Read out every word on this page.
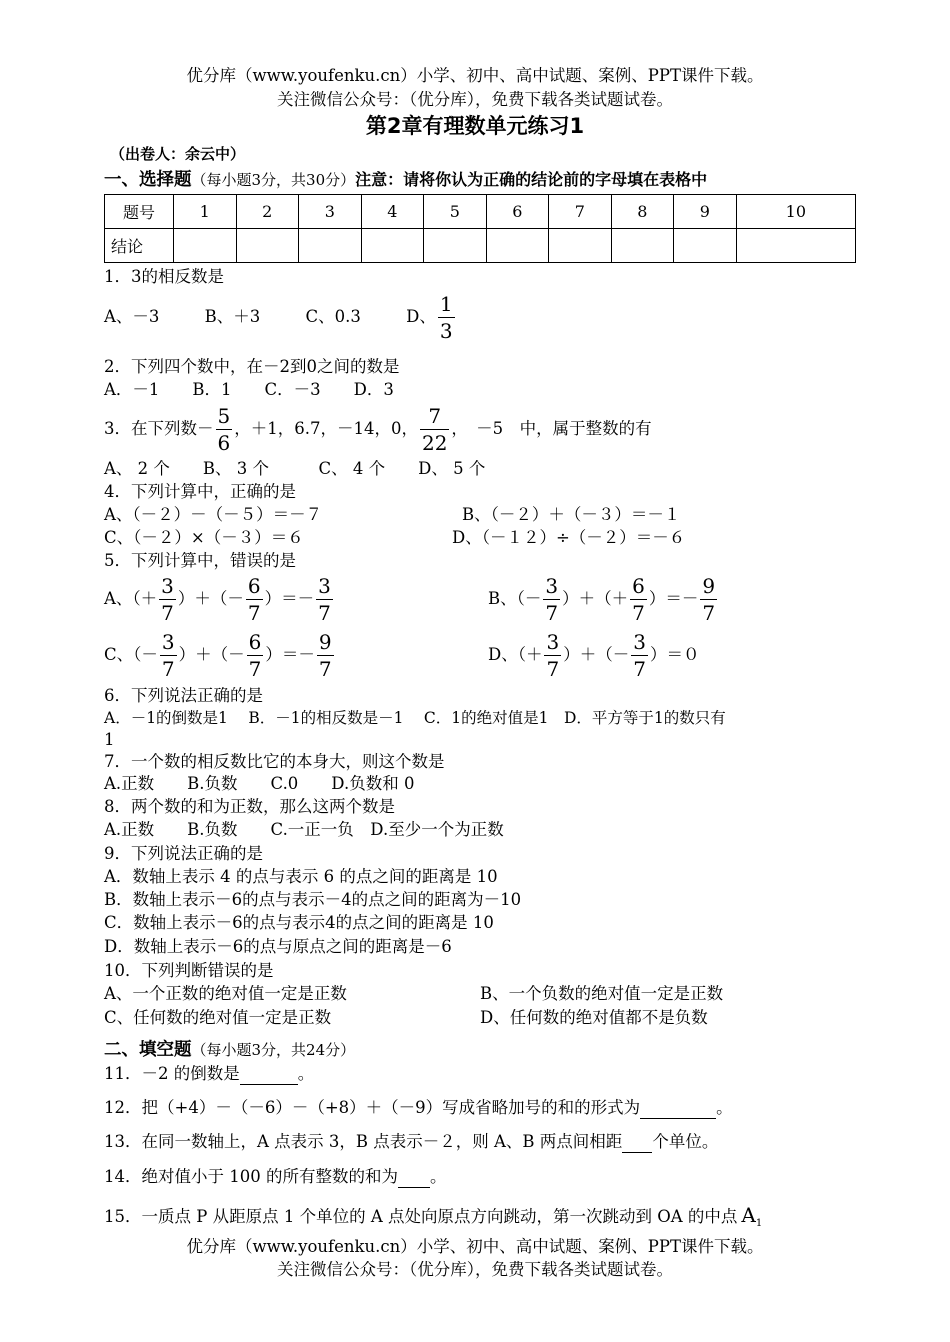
优分库（www.youfenku.cn）小学、初中、高中试题、案例、PPT课件下载。
关注微信公众号：（优分库），免费下载各类试题试卷。
第2章有理数单元练习1
（出卷人：余云中）
一、选择题（每小题3分，共30分）注意：请将你认为正确的结论前的字母填在表格中
题号	1	2	3	4	5	6	7	8	9	10
结论										
1．3的相反数是
A、－3	B、＋3	C、0.3	D、 $\frac{1}{3}$
2．下列四个数中，在－2到0之间的数是
A．－1　　B．1　　C．－3　　D．3
3．在下列数－ $\frac{5}{6}$ ，＋1，6.7，－14，0， $\frac{7}{22}$ ，　－5　中，属于整数的有
A、 2 个　　B、 3 个　　　C、 4 个　　D、 5 个
4．下列计算中，正确的是
A、（－２）－（－５）＝－７	B、（－２）＋（－３）＝－１
C、（－２）×（－３）＝６	D、（－１２）÷（－２）＝－６
5．下列计算中，错误的是
A、（＋ $\frac{3}{7}$ ）＋（－ $\frac{6}{7}$ ）＝－ $\frac{3}{7}$	B、（－ $\frac{3}{7}$ ）＋（＋ $\frac{6}{7}$ ）＝－ $\frac{9}{7}$
C、（－ $\frac{3}{7}$ ）＋（－ $\frac{6}{7}$ ）＝－ $\frac{9}{7}$	D、（＋ $\frac{3}{7}$ ）＋（－ $\frac{3}{7} )=0$
6．下列说法正确的是
A．－1的倒数是1　 B．－1的相反数是－1　 C．1的绝对值是1　D．平方等于1的数只有
1
7．一个数的相反数比它的本身大，则这个数是
A.正数　　B.负数　　C.0　　D.负数和 0
8．两个数的和为正数，那么这两个数是
A.正数　　B.负数　　C.一正一负　D.至少一个为正数
9．下列说法正确的是
A．数轴上表示 4 的点与表示 6 的点之间的距离是 10
B．数轴上表示－6的点与表示－4的点之间的距离为－10
C．数轴上表示－6的点与表示4的点之间的距离是 10
D．数轴上表示－6的点与原点之间的距离是－6
10．下列判断错误的是
A、一个正数的绝对值一定是正数	B、一个负数的绝对值一定是正数
C、任何数的绝对值一定是正数	D、任何数的绝对值都不是负数
二、填空题（每小题3分，共24分）
11．－2 的倒数是	。
12．把（+4）－（－6）－（+8）＋（－9）写成省略加号的和的形式为	。
13．在同一数轴上，A 点表示 3，B 点表示－２，则 A、B 两点间相距 个单位。
14．绝对值小于 100 的所有整数的和为 。
15．一质点 P 从距原点 1 个单位的 A 点处向原点方向跳动，第一次跳动到 OA 的中点 $A_1$
优分库（www.youfenku.cn）小学、初中、高中试题、案例、PPT课件下载。
关注微信公众号：（优分库），免费下载各类试题试卷。
